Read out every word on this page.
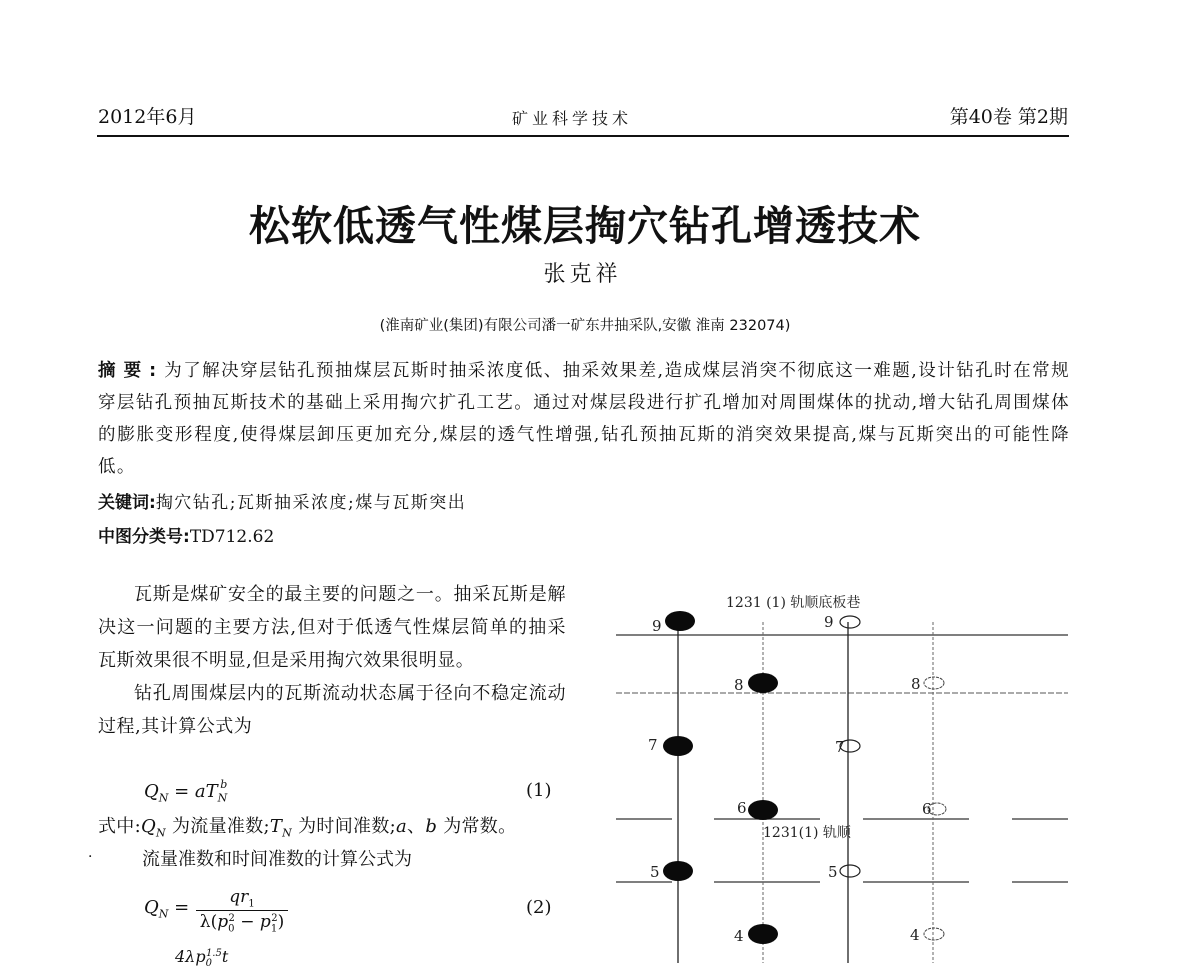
2012年6月	矿业科学技术	第40卷 第2期
松软低透气性煤层掏穴钻孔增透技术
张克祥
(淮南矿业(集团)有限公司潘一矿东井抽采队,安徽 淮南 232074)
摘要:为了解决穿层钻孔预抽煤层瓦斯时抽采浓度低、抽采效果差,造成煤层消突不彻底这一难题,设计钻孔时在常规穿层钻孔预抽瓦斯技术的基础上采用掏穴扩孔工艺。通过对煤层段进行扩孔增加对周围煤体的扰动,增大钻孔周围煤体的膨胀变形程度,使得煤层卸压更加充分,煤层的透气性增强,钻孔预抽瓦斯的消突效果提高,煤与瓦斯突出的可能性降低。
关键词:掏穴钻孔;瓦斯抽采浓度;煤与瓦斯突出
中图分类号:TD712.62

瓦斯是煤矿安全的最主要的问题之一。抽采瓦斯是解决这一问题的主要方法,但对于低透气性煤层简单的抽采瓦斯效果很不明显,但是采用掏穴效果很明显。

钻孔周围煤层内的瓦斯流动状态属于径向不稳定流动过程,其计算公式为

$Q_N = aT_N^b$	(1)
式中$:Q_N$ 为流量准数$;T_N$ 为时间准数;a、b 为常数。
·	流量准数和时间准数的计算公式为
$Q_N$ =	$qr_1$
$\lambda(p_0^2 - p_1^2)$
(2)
$4\lambda p_0^{1.5}t$
1231 (1) 轨顺底板巷
9
8
7
6
5
4
9
8
7
6
5
4
1231(1) 轨顺
